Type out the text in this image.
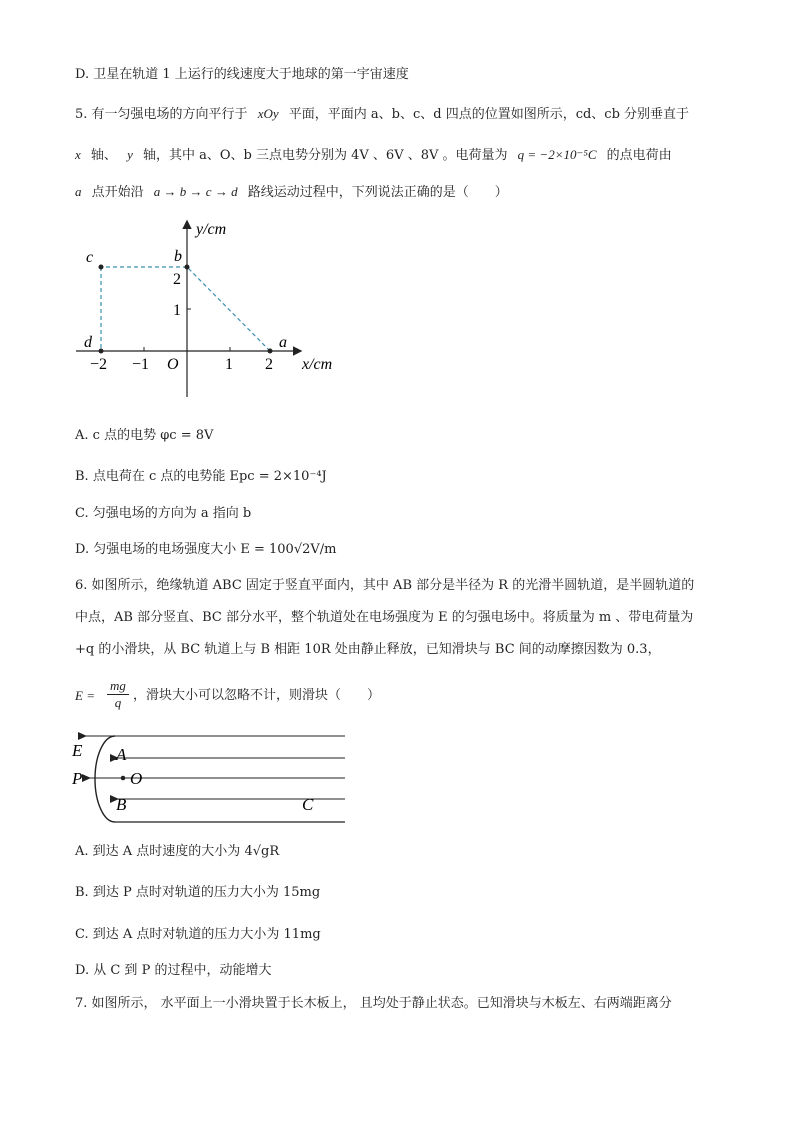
D. 卫星在轨道 1 上运行的线速度大于地球的第一宇宙速度
5. 有一匀强电场的方向平行于 xOy 平面，平面内 a、b、c、d 四点的位置如图所示，cd、cb 分别垂直于
x 轴、 y 轴，其中 a、O、b 三点电势分别为 4V 、6V 、8V 。电荷量为 q = −2×10⁻⁵C 的点电荷由
a 点开始沿 a → b → c → d 路线运动过程中，下列说法正确的是（　　）
y/cm
x/cm
O
a
b
c
d
1
2
−2 −1	1 2
A. c 点的电势 φc = 8V
B. 点电荷在 c 点的电势能 Epc = 2×10⁻⁴J
C. 匀强电场的方向为 a 指向 b
D. 匀强电场的电场强度大小 E = 100√2V/m
6. 如图所示，绝缘轨道 ABC 固定于竖直平面内，其中 AB 部分是半径为 R 的光滑半圆轨道，是半圆轨道的
中点，AB 部分竖直、BC 部分水平，整个轨道处在电场强度为 E 的匀强电场中。将质量为 m 、带电荷量为
+q 的小滑块，从 BC 轨道上与 B 相距 10R 处由静止释放，已知滑块与 BC 间的动摩擦因数为 0.3，
E =
mg
q ，滑块大小可以忽略不计，则滑块（　　）
E
P
A
O
B	C
A. 到达 A 点时速度的大小为 4√gR
B. 到达 P 点时对轨道的压力大小为 15mg
C. 到达 A 点时对轨道的压力大小为 11mg
D. 从 C 到 P 的过程中，动能增大
7. 如图所示， 水平面上一小滑块置于长木板上， 且均处于静止状态。已知滑块与木板左、右两端距离分
